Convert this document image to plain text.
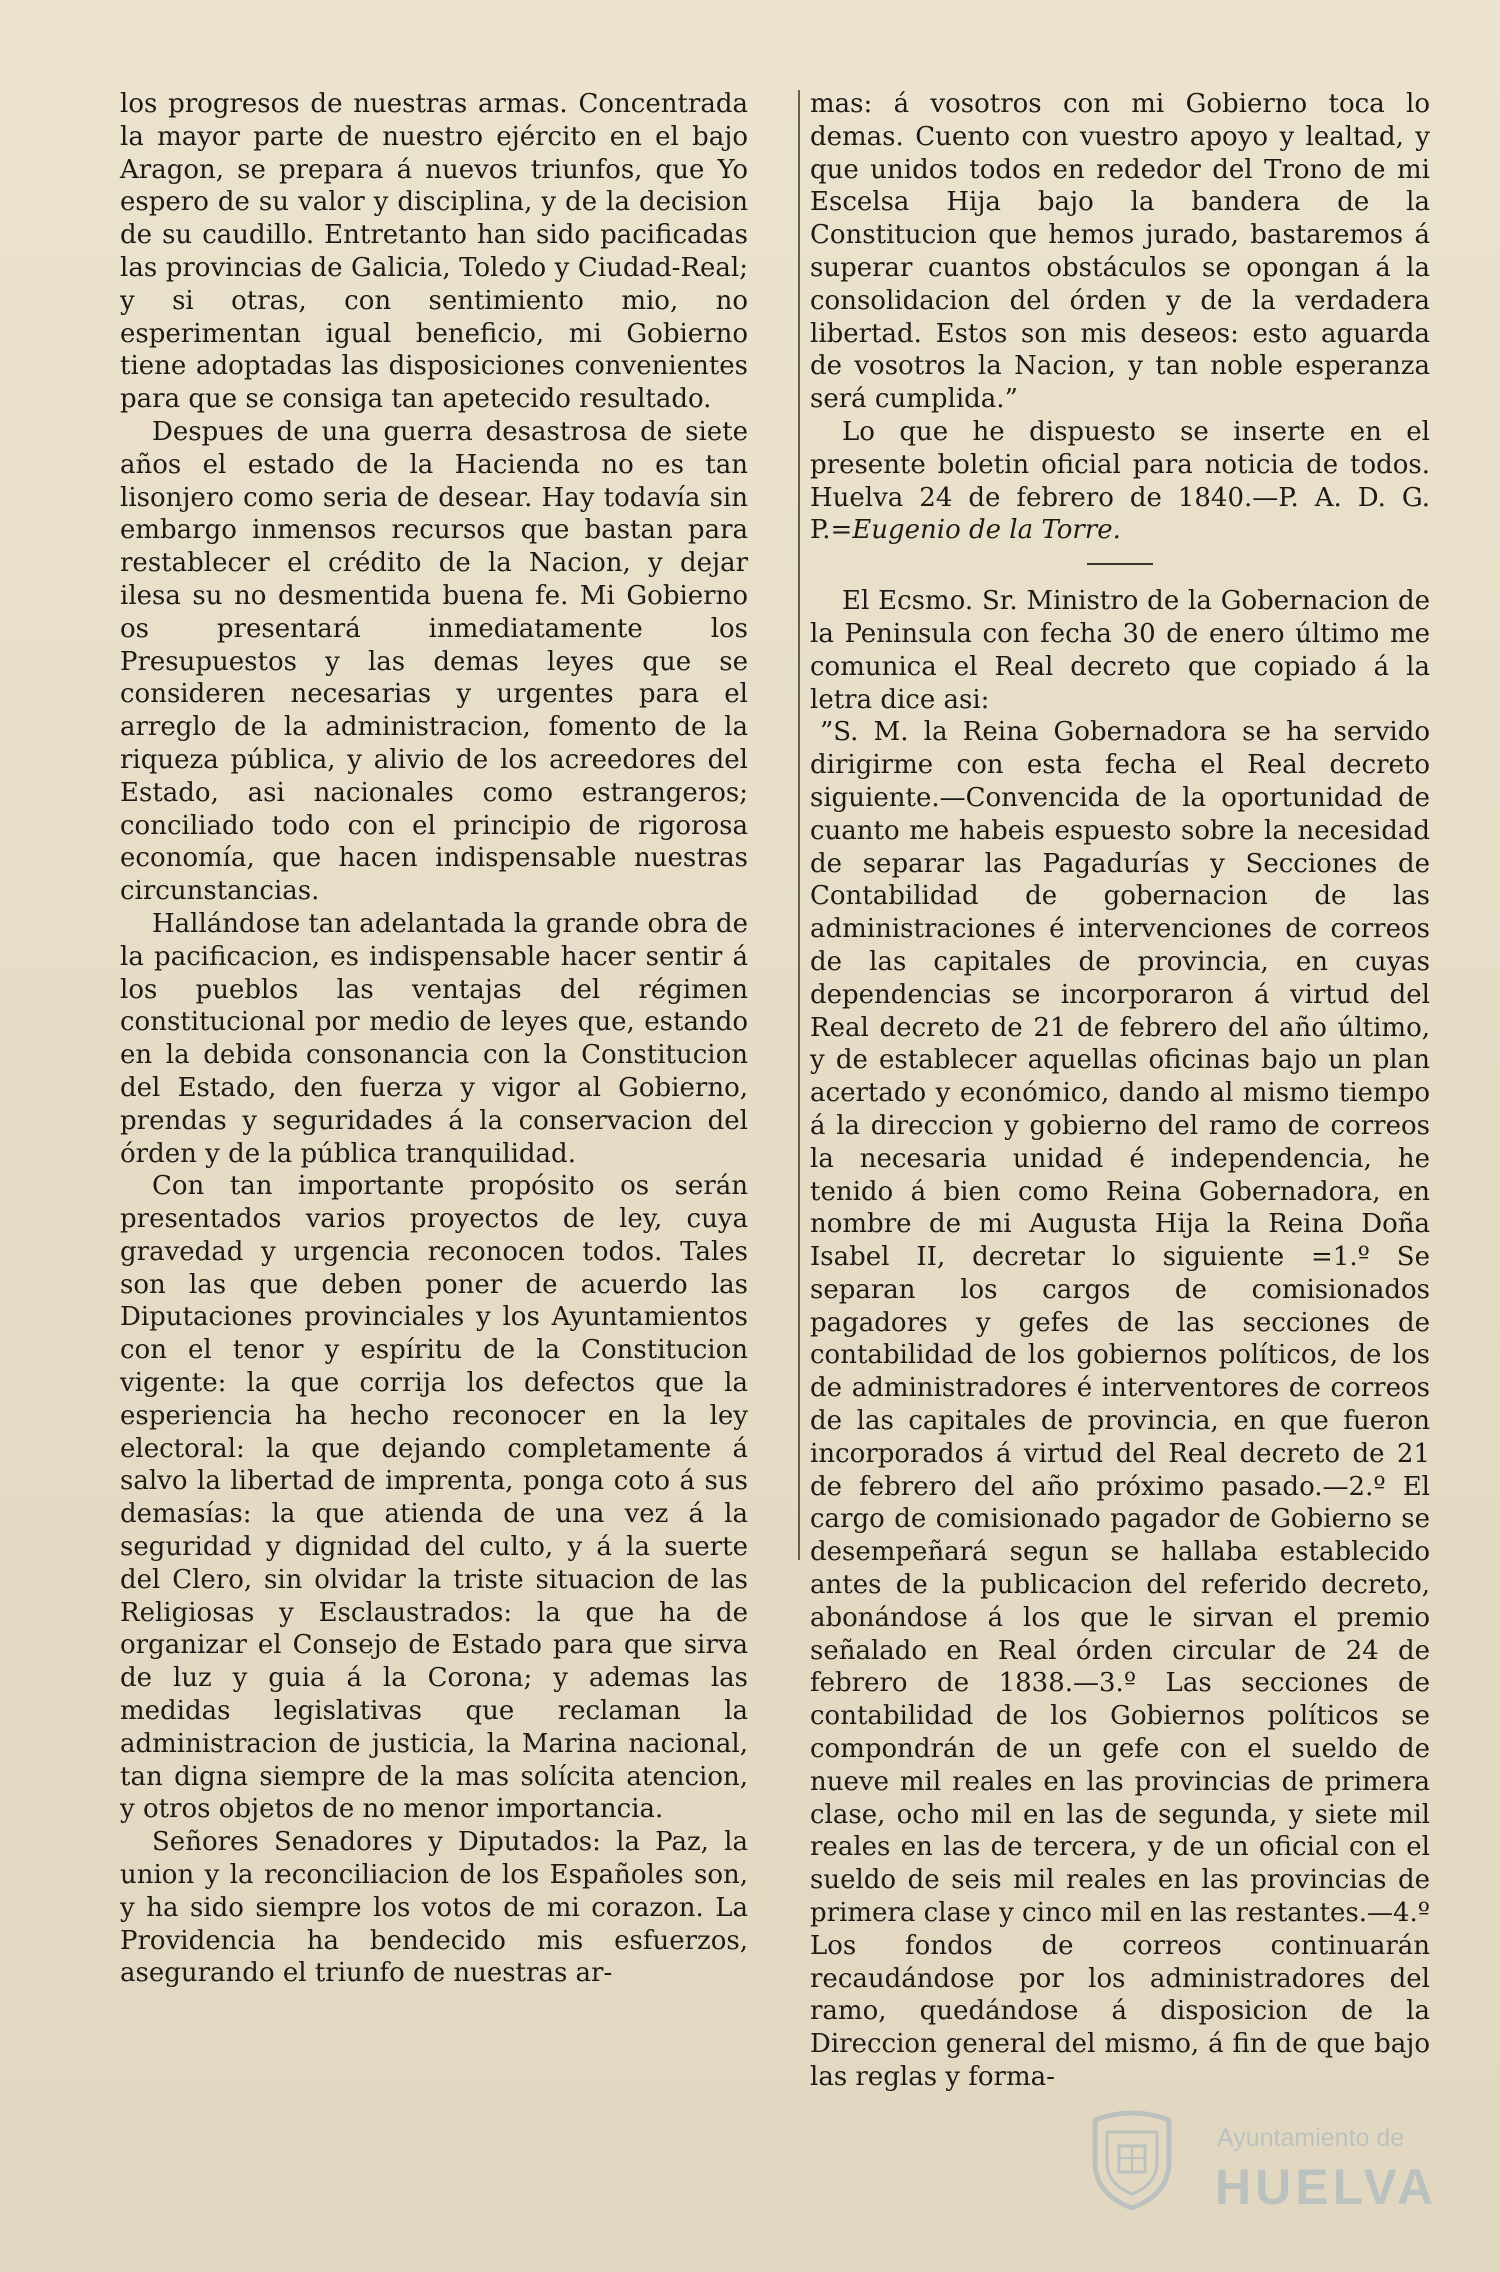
los progresos de nuestras armas. Concentrada la mayor parte de nuestro ejército en el bajo Aragon, se prepara á nuevos triunfos, que Yo espero de su valor y disciplina, y de la decision de su caudillo. Entretanto han sido pacificadas las provincias de Galicia, Toledo y Ciudad-Real; y si otras, con sentimiento mio, no esperimentan igual beneficio, mi Gobierno tiene adoptadas las disposiciones convenientes para que se consiga tan apetecido resultado.

Despues de una guerra desastrosa de siete años el estado de la Hacienda no es tan lisonjero como seria de desear. Hay todavía sin embargo inmensos recursos que bastan para restablecer el crédito de la Nacion, y dejar ilesa su no desmentida buena fe. Mi Gobierno os presentará inmediatamente los Presupuestos y las demas leyes que se consideren necesarias y urgentes para el arreglo de la administracion, fomento de la riqueza pública, y alivio de los acreedores del Estado, asi nacionales como estrangeros; conciliado todo con el principio de rigorosa economía, que hacen indispensable nuestras circunstancias.

Hallándose tan adelantada la grande obra de la pacificacion, es indispensable hacer sentir á los pueblos las ventajas del régimen constitucional por medio de leyes que, estando en la debida consonancia con la Constitucion del Estado, den fuerza y vigor al Gobierno, prendas y seguridades á la conservacion del órden y de la pública tranquilidad.

Con tan importante propósito os serán presentados varios proyectos de ley, cuya gravedad y urgencia reconocen todos. Tales son las que deben poner de acuerdo las Diputaciones provinciales y los Ayuntamientos con el tenor y espíritu de la Constitucion vigente: la que corrija los defectos que la esperiencia ha hecho reconocer en la ley electoral: la que dejando completamente á salvo la libertad de imprenta, ponga coto á sus demasías: la que atienda de una vez á la seguridad y dignidad del culto, y á la suerte del Clero, sin olvidar la triste situacion de las Religiosas y Esclaustrados: la que ha de organizar el Consejo de Estado para que sirva de luz y guia á la Corona; y ademas las medidas legislativas que reclaman la administracion de justicia, la Marina nacional, tan digna siempre de la mas solícita atencion, y otros objetos de no menor importancia.

Señores Senadores y Diputados: la Paz, la union y la reconciliacion de los Españoles son, y ha sido siempre los votos de mi corazon. La Providencia ha bendecido mis esfuerzos, asegurando el triunfo de nuestras ar-

mas: á vosotros con mi Gobierno toca lo demas. Cuento con vuestro apoyo y lealtad, y que unidos todos en rededor del Trono de mi Escelsa Hija bajo la bandera de la Constitucion que hemos jurado, bastaremos á superar cuantos obstáculos se opongan á la consolidacion del órden y de la verdadera libertad. Estos son mis deseos: esto aguarda de vosotros la Nacion, y tan noble esperanza será cumplida.”

Lo que he dispuesto se inserte en el presente boletin oficial para noticia de todos. Huelva 24 de febrero de 1840.—P. A. D. G. P.=Eugenio de la Torre.

El Ecsmo. Sr. Ministro de la Gobernacion de la Peninsula con fecha 30 de enero último me comunica el Real decreto que copiado á la letra dice asi:

”S. M. la Reina Gobernadora se ha servido dirigirme con esta fecha el Real decreto siguiente.—Convencida de la oportunidad de cuanto me habeis espuesto sobre la necesidad de separar las Pagadurías y Secciones de Contabilidad de gobernacion de las administraciones é intervenciones de correos de las capitales de provincia, en cuyas dependencias se incorporaron á virtud del Real decreto de 21 de febrero del año último, y de establecer aquellas oficinas bajo un plan acertado y económico, dando al mismo tiempo á la direccion y gobierno del ramo de correos la necesaria unidad é independencia, he tenido á bien como Reina Gobernadora, en nombre de mi Augusta Hija la Reina Doña Isabel II, decretar lo siguiente =1.º Se separan los cargos de comisionados pagadores y gefes de las secciones de contabilidad de los gobiernos políticos, de los de administradores é interventores de correos de las capitales de provincia, en que fueron incorporados á virtud del Real decreto de 21 de febrero del año próximo pasado.—2.º El cargo de comisionado pagador de Gobierno se desempeñará segun se hallaba establecido antes de la publicacion del referido decreto, abonándose á los que le sirvan el premio señalado en Real órden circular de 24 de febrero de 1838.—3.º Las secciones de contabilidad de los Gobiernos políticos se compondrán de un gefe con el sueldo de nueve mil reales en las provincias de primera clase, ocho mil en las de segunda, y siete mil reales en las de tercera, y de un oficial con el sueldo de seis mil reales en las provincias de primera clase y cinco mil en las restantes.—4.º Los fondos de correos continuarán recaudándose por los administradores del ramo, quedándose á disposicion de la Direccion general del mismo, á fin de que bajo las reglas y forma-

Ayuntamiento de
HUELVA
